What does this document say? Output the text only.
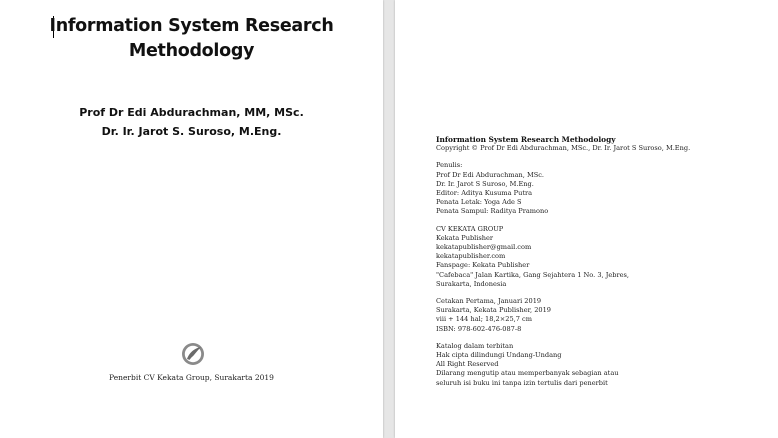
Information System Research
Methodology
Prof Dr Edi Abdurachman, MM, MSc.
Dr. Ir. Jarot S. Suroso, M.Eng.
Penerbit CV Kekata Group, Surakarta 2019
Information System Research Methodology
Copyright © Prof Dr Edi Abdurachman, MSc., Dr. Ir. Jarot S Suroso, M.Eng.
Penulis:
Prof Dr Edi Abdurachman, MSc.
Dr. Ir. Jarot S Suroso, M.Eng.
Editor: Aditya Kusuma Putra
Penata Letak: Yoga Ade S
Penata Sampul: Raditya Pramono
CV KEKATA GROUP
Kekata Publisher
kekatapublisher@gmail.com
kekatapublisher.com
Fanspage: Kekata Publisher
"Cafebaca" Jalan Kartika, Gang Sejahtera 1 No. 3, Jebres,
Surakarta, Indonesia
Cetakan Pertama, Januari 2019
Surakarta, Kekata Publisher, 2019
viii + 144 hal; 18,2×25,7 cm
ISBN: 978-602-476-087-8
Katalog dalam terbitan
Hak cipta dilindungi Undang-Undang
All Right Reserved
Dilarang mengutip atau memperbanyak sebagian atau
seluruh isi buku ini tanpa izin tertulis dari penerbit
